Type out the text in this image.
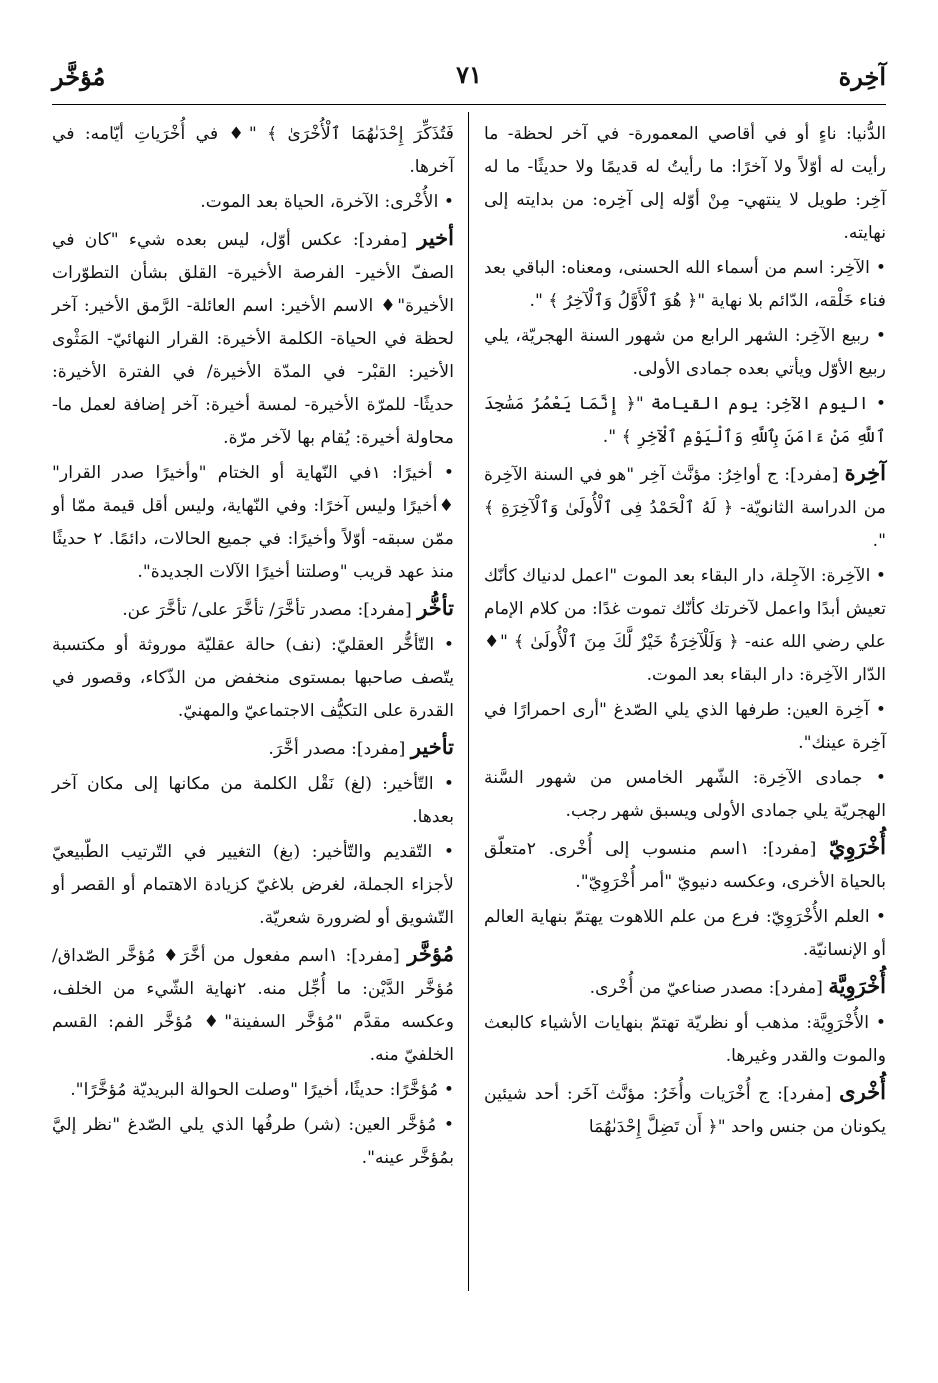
آخِرة
٧١
مُؤخَّر

الدُّنيا: ناءٍ أو في أقاصي المعمورة- في آخر لحظة- ما رأيت له أوّلاً ولا آخرًا: ما رأيتُ له قديمًا ولا حديثًا- ما له آخِر: طويل لا ينتهي- مِنْ أوّله إلى آخِره: من بدايته إلى نهايته.

• الآخِر: اسم من أسماء الله الحسنى، ومعناه: الباقي بعد فناء خَلْقه، الدّائم بلا نهاية "﴿ هُوَ ٱلْأَوَّلُ وَٱلْآخِرُ ﴾ ".

• ربيع الآخِر: الشهر الرابع من شهور السنة الهجريّة، يلي ربيع الأوّل ويأتي بعده جمادى الأولى.

• اليوم الآخِر: يوم القيامة "﴿ إِنَّمَا يَعْمُرُ مَسَٰجِدَ ٱللَّهِ مَنْ ءَامَنَ بِٱللَّهِ وَٱلْيَوْمِ ٱلْآخِرِ ﴾ ".

آخِرة [مفرد]: ج أواخِرُ: مؤنَّث آخِر "هو في السنة الآخِرة من الدراسة الثانويّة- ﴿ لَهُ ٱلْحَمْدُ فِى ٱلْأُولَىٰ وَٱلْآخِرَةِ ﴾ ".

• الآخِرة: الآجِلة، دار البقاء بعد الموت "اعمل لدنياك كأنّك تعيش أبدًا واعمل لآخرتك كأنّك تموت غدًا: من كلام الإمام علي رضي الله عنه- ﴿ وَلَلْآخِرَةُ خَيْرٌ لَّكَ مِنَ ٱلْأُولَىٰ ﴾ "♦ الدّار الآخِرة: دار البقاء بعد الموت.

• آخِرة العين: طرفها الذي يلي الصّدغ "أرى احمرارًا في آخِرة عينك".

• جمادى الآخِرة: الشّهر الخامس من شهور السَّنة الهجريّة يلي جمادى الأولى ويسبق شهر رجب.

أُخْرَوِيّ [مفرد]: ١اسم منسوب إلى أُخْرى. ٢متعلّق بالحياة الأخرى، وعكسه دنيويّ "أمر أُخْرَوِيّ".

• العلم الأُخْرَوِيّ: فرع من علم اللاهوت يهتمّ بنهاية العالم أو الإنسانيّة.

أُخْرَوِيَّة [مفرد]: مصدر صناعيّ من أُخْرى.

• الأُخْرَوِيَّة: مذهب أو نظريّة تهتمّ بنهايات الأشياء كالبعث والموت والقدر وغيرها.

أُخْرى [مفرد]: ج أُخْرَيات وأُخَرُ: مؤنَّث آخَر: أحد شيئين يكونان من جنس واحد "﴿ أَن تَضِلَّ إِحْدَىٰهُمَا

فَتُذَكِّرَ إِحْدَىٰهُمَا ٱلْأُخْرَىٰ ﴾ "♦ في أُخْرَياتِ أيّامه: في آخرها.

• الأُخْرى: الآخرة، الحياة بعد الموت.

أخير [مفرد]: عكس أوّل، ليس بعده شيء "كان في الصفّ الأخير- الفرصة الأخيرة- القلق بشأن التطوّرات الأخيرة"♦ الاسم الأخير: اسم العائلة- الرَّمق الأخير: آخر لحظة في الحياة- الكلمة الأخيرة: القرار النهائيّ- المَثْوى الأخير: القبْر- في المدّة الأخيرة/ في الفترة الأخيرة: حديثًا- للمرّة الأخيرة- لمسة أخيرة: آخر إضافة لعمل ما- محاولة أخيرة: يُقام بها لآخر مرّة.

• أخيرًا: ١في النّهاية أو الختام "وأخيرًا صدر القرار" ♦أخيرًا وليس آخرًا: وفي النّهاية، وليس أقل قيمة ممّا أو ممّن سبقه- أوّلاً وأخيرًا: في جميع الحالات، دائمًا. ٢ حديثًا منذ عهد قريب "وصلتنا أخيرًا الآلات الجديدة".

تأخُّر [مفرد]: مصدر تأخَّرَ/ تأخَّرَ على/ تأخَّرَ عن.

• التّأخُّر العقليّ: (نف) حالة عقليّة موروثة أو مكتسبة يتّصف صاحبها بمستوى منخفض من الذّكاء، وقصور في القدرة على التكيُّف الاجتماعيّ والمهنيّ.

تأخير [مفرد]: مصدر أخَّرَ.

• التّأخير: (لغ) نَقْل الكلمة من مكانها إلى مكان آخر بعدها.

• التّقديم والتّأخير: (بغ) التغيير في التّرتيب الطّبيعيّ لأجزاء الجملة، لغرض بلاغيّ كزيادة الاهتمام أو القصر أو التّشويق أو لضرورة شعريّة.

مُؤخَّر [مفرد]: ١اسم مفعول من أخَّرَ♦ مُؤخَّر الصّداق/ مُؤخَّر الدَّيْن: ما أُجِّل منه. ٢نهاية الشّيء من الخلف، وعكسه مقدَّم "مُؤخَّر السفينة"♦ مُؤخَّر الفم: القسم الخلفيّ منه.

• مُؤخَّرًا: حديثًا، أخيرًا "وصلت الحوالة البريديّة مُؤخَّرًا".

• مُؤخَّر العين: (شر) طرفُها الذي يلي الصّدغ "نظر إليَّ بمُؤخَّر عينه".
